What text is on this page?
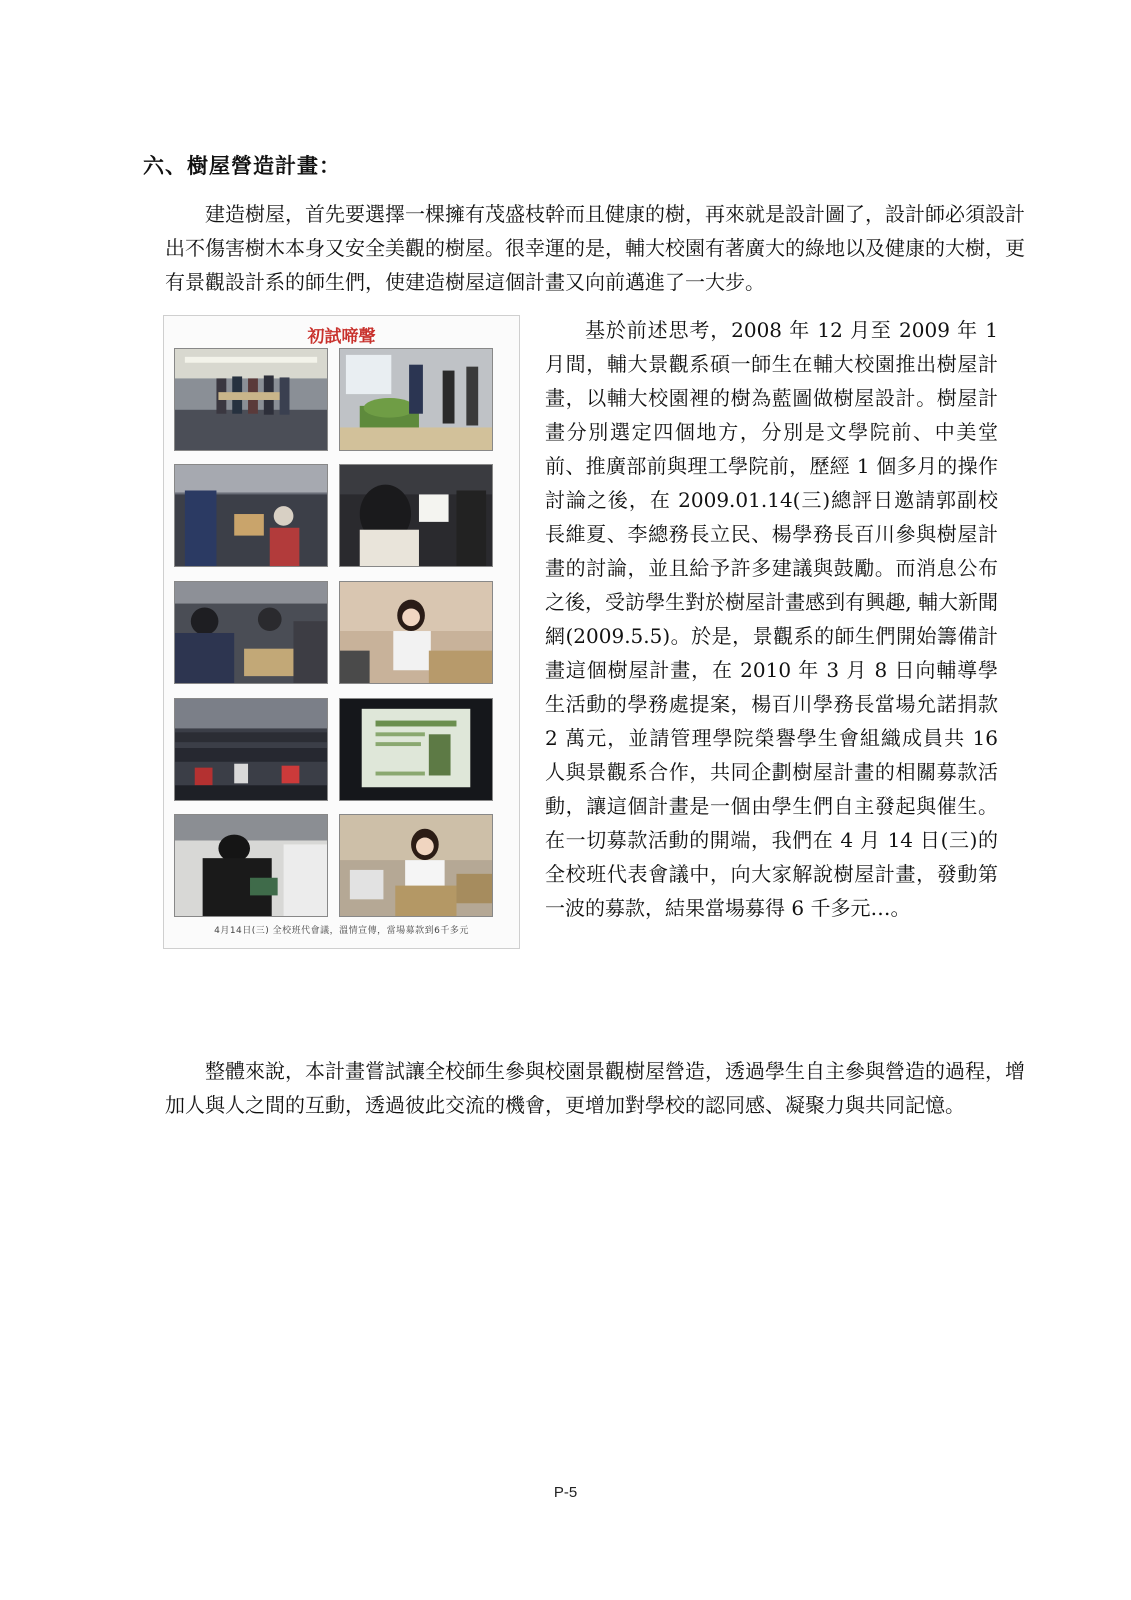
六、樹屋營造計畫：

建造樹屋，首先要選擇一棵擁有茂盛枝幹而且健康的樹，再來就是設計圖了，設計師必須設計出不傷害樹木本身又安全美觀的樹屋。很幸運的是，輔大校園有著廣大的綠地以及健康的大樹，更有景觀設計系的師生們，使建造樹屋這個計畫又向前邁進了一大步。

初試啼聲
4月14日(三) 全校班代會議，溫情宣傳，當場募款到6千多元

基於前述思考，2008 年 12 月至 2009 年 1 月間，輔大景觀系碩一師生在輔大校園推出樹屋計畫，以輔大校園裡的樹為藍圖做樹屋設計。樹屋計畫分別選定四個地方，分別是文學院前、中美堂前、推廣部前與理工學院前，歷經 1 個多月的操作討論之後，在 2009.01.14(三)總評日邀請郭副校長維夏、李總務長立民、楊學務長百川參與樹屋計畫的討論，並且給予許多建議與鼓勵。而消息公布之後，受訪學生對於樹屋計畫感到有興趣, 輔大新聞網(2009.5.5)。於是，景觀系的師生們開始籌備計畫這個樹屋計畫，在 2010 年 3 月 8 日向輔導學生活動的學務處提案，楊百川學務長當場允諾捐款 2 萬元，並請管理學院榮譽學生會組織成員共 16 人與景觀系合作，共同企劃樹屋計畫的相關募款活動，讓這個計畫是一個由學生們自主發起與催生。在一切募款活動的開端，我們在 4 月 14 日(三)的全校班代表會議中，向大家解說樹屋計畫，發動第一波的募款，結果當場募得 6 千多元…。

整體來說，本計畫嘗試讓全校師生參與校園景觀樹屋營造，透過學生自主參與營造的過程，增加人與人之間的互動，透過彼此交流的機會，更增加對學校的認同感、凝聚力與共同記憶。

P-5
